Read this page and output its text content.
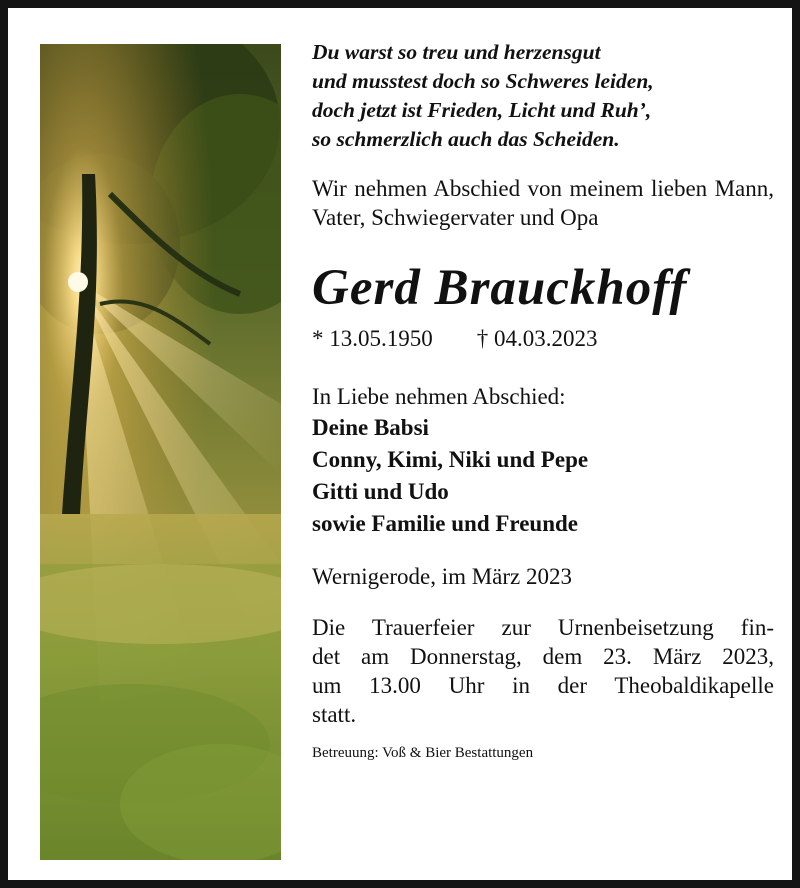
Du warst so treu und herzensgut
und musstest doch so Schweres leiden,
doch jetzt ist Frieden, Licht und Ruh’,
so schmerzlich auch das Scheiden.
Wir nehmen Abschied von meinem lieben Mann, Vater, Schwiegervater und Opa
Gerd Brauckhoff
* 13.05.1950 † 04.03.2023
In Liebe nehmen Abschied:
Deine Babsi
Conny, Kimi, Niki und Pepe
Gitti und Udo
sowie Familie und Freunde
Wernigerode, im März 2023
Die Trauerfeier zur Urnenbeisetzung fin-
det am Donnerstag, dem 23. März 2023,
um 13.00 Uhr in der Theobaldikapelle
statt.
Betreuung: Voß & Bier Bestattungen
